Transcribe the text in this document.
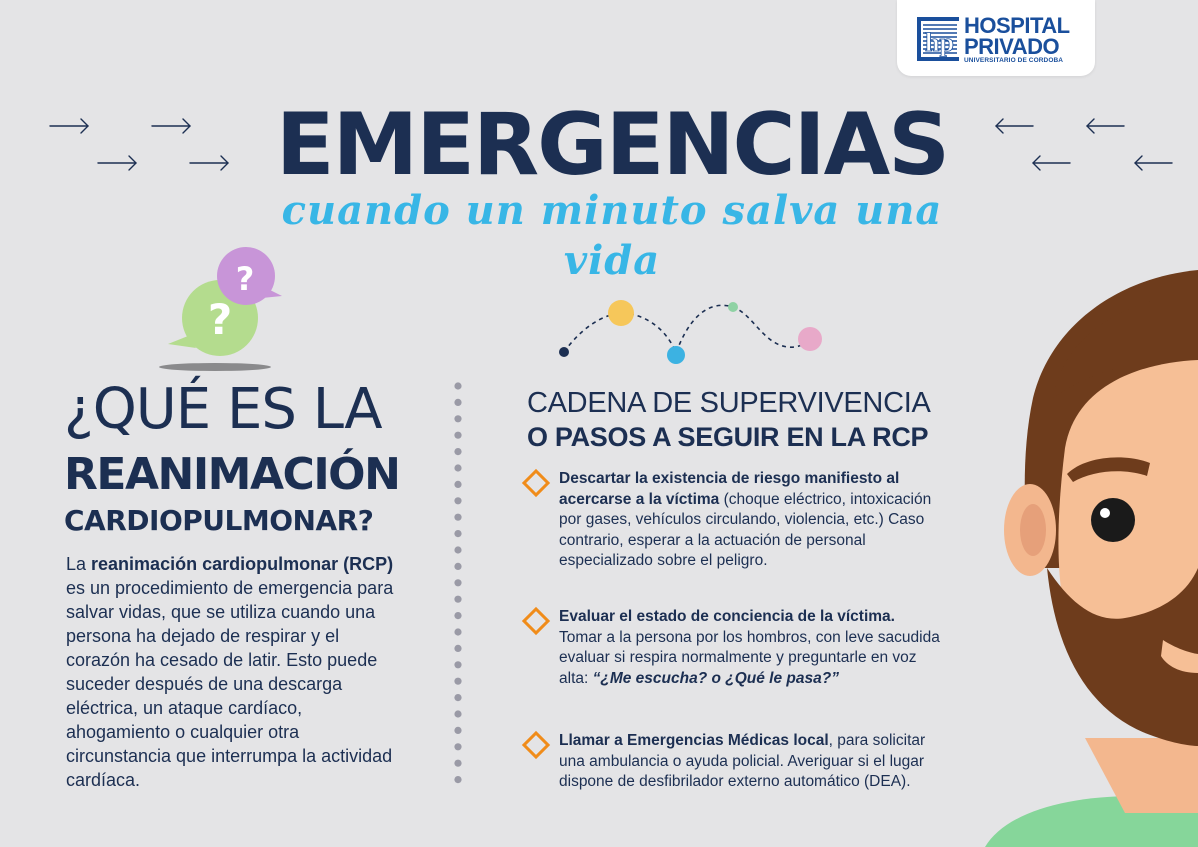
hp
HOSPITAL
PRIVADO
UNIVERSITARIO DE CORDOBA
EMERGENCIAS
cuando un minuto salva una vida
?
?
¿QUÉ ES LA
REANIMACIÓN
CARDIOPULMONAR?

La reanimación cardiopulmonar (RCP) es un procedimiento de emergencia para salvar vidas, que se utiliza cuando una persona ha dejado de respirar y el corazón ha cesado de latir. Esto puede suceder después de una descarga eléctrica, un ataque cardíaco, ahogamiento o cualquier otra circunstancia que interrumpa la actividad cardíaca.

CADENA DE SUPERVIVENCIA
O PASOS A SEGUIR EN LA RCP

Descartar la existencia de riesgo manifiesto al acercarse a la víctima (choque eléctrico, intoxicación por gases, vehículos circulando, violencia, etc.) Caso contrario, esperar a la actuación de personal especializado sobre el peligro.

Evaluar el estado de conciencia de la víctima. Tomar a la persona por los hombros, con leve sacudida evaluar si respira normalmente y preguntarle en voz alta: “¿Me escucha? o ¿Qué le pasa?”

Llamar a Emergencias Médicas local, para solicitar una ambulancia o ayuda policial. Averiguar si el lugar dispone de desfibrilador externo automático (DEA).
